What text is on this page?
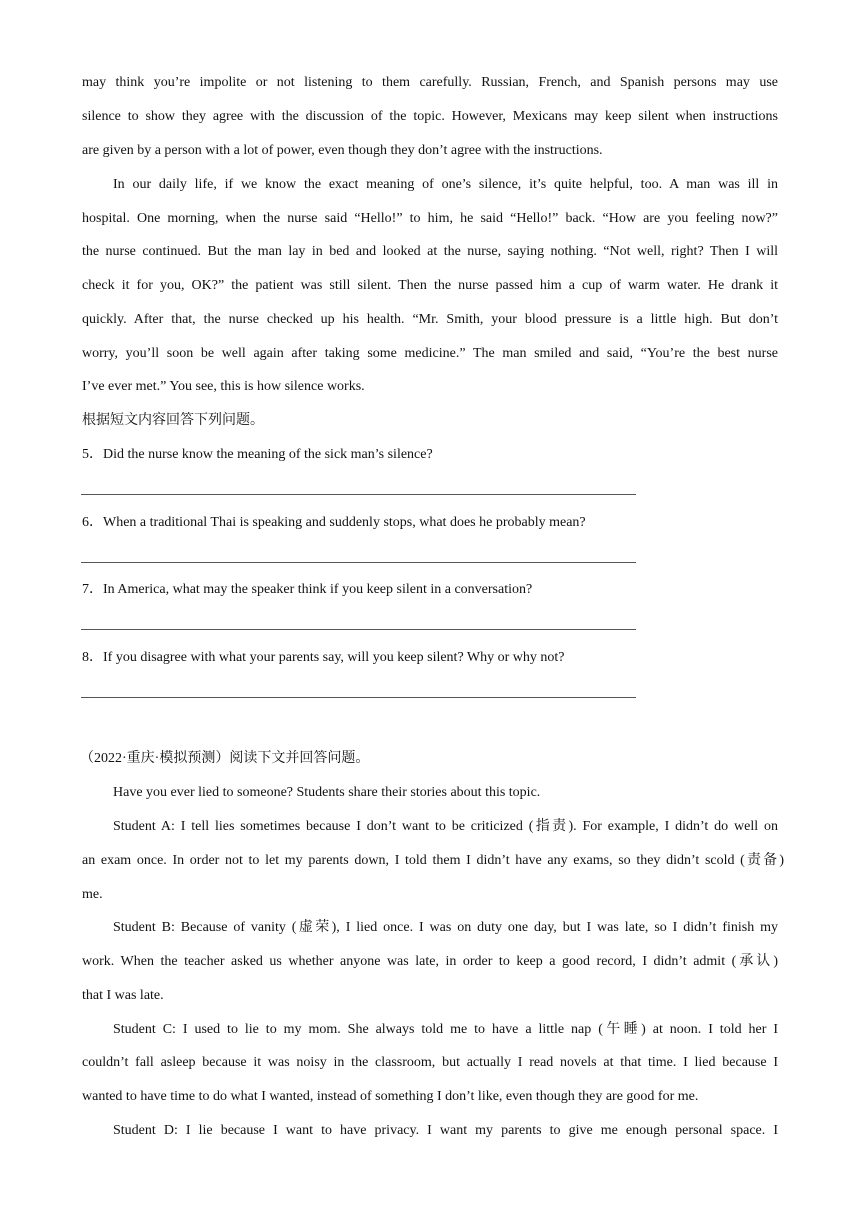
may think you’re impolite or not listening to them carefully. Russian, French, and Spanish persons may use
silence to show they agree with the discussion of the topic. However, Mexicans may keep silent when instructions
are given by a person with a lot of power, even though they don’t agree with the instructions.
In our daily life, if we know the exact meaning of one’s silence, it’s quite helpful, too. A man was ill in
hospital. One morning, when the nurse said “Hello!” to him, he said “Hello!” back. “How are you feeling now?”
the nurse continued. But the man lay in bed and looked at the nurse, saying nothing. “Not well, right? Then I will
check it for you, OK?” the patient was still silent. Then the nurse passed him a cup of warm water. He drank it
quickly. After that, the nurse checked up his health. “Mr. Smith, your blood pressure is a little high. But don’t
worry, you’ll soon be well again after taking some medicine.” The man smiled and said, “You’re the best nurse
I’ve ever met.” You see, this is how silence works.
根据短文内容回答下列问题。
5．Did the nurse know the meaning of the sick man’s silence?
6．When a traditional Thai is speaking and suddenly stops, what does he probably mean?
7．In America, what may the speaker think if you keep silent in a conversation?
8．If you disagree with what your parents say, will you keep silent? Why or why not?
（2022·重庆·模拟预测）阅读下文并回答问题。
Have you ever lied to someone? Students share their stories about this topic.
Student A: I tell lies sometimes because I don’t want to be criticized (指责). For example, I didn’t do well on
an exam once. In order not to let my parents down, I told them I didn’t have any exams, so they didn’t scold (责备)
me.
Student B: Because of vanity (虚荣), I lied once. I was on duty one day, but I was late, so I didn’t finish my
work. When the teacher asked us whether anyone was late, in order to keep a good record, I didn’t admit (承认)
that I was late.
Student C: I used to lie to my mom. She always told me to have a little nap (午睡) at noon. I told her I
couldn’t fall asleep because it was noisy in the classroom, but actually I read novels at that time. I lied because I
wanted to have time to do what I wanted, instead of something I don’t like, even though they are good for me.
Student D: I lie because I want to have privacy. I want my parents to give me enough personal space. I
